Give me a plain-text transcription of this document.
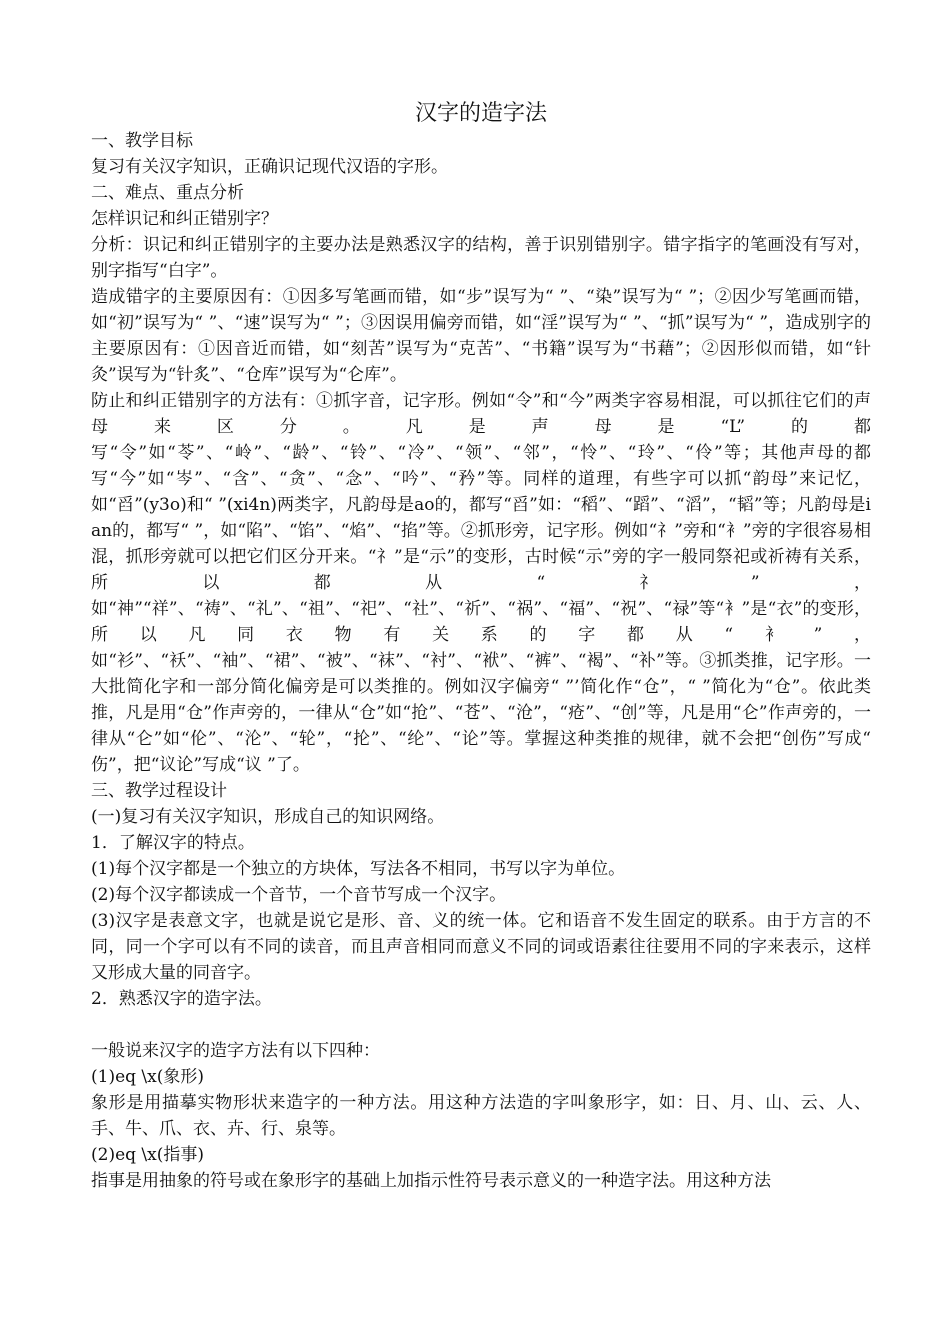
汉字的造字法

一、教学目标

复习有关汉字知识，正确识记现代汉语的字形。

二、难点、重点分析

怎样识记和纠正错别字？

分析：识记和纠正错别字的主要办法是熟悉汉字的结构，善于识别错别字。错字指字的笔画没有写对，别字指写“白字”。

造成错字的主要原因有：①因多写笔画而错，如“步”误写为“ ”、“染”误写为“ ”；②因少写笔画而错，如“初”误写为“ ”、“速”误写为“ ”；③因误用偏旁而错，如“淫”误写为“ ”、“抓”误写为“ ”，造成别字的主要原因有：①因音近而错，如“刻苦”误写为“克苦”、“书籍”误写为“书藉”；②因形似而错，如“针灸”误写为“针炙”、“仓库”误写为“仑库”。

防止和纠正错别字的方法有：①抓字音，记字形。例如“令”和“今”两类字容易相混，可以抓往它们的声母来区分。凡是声母是“L”的都写“令”如“苓”、“岭”、“龄”、“铃”、“冷”、“领”、“邻”，“怜”、“玲”、“伶”等；其他声母的都写“今”如“岑”、“含”、“贪”、“念”、“吟”、“矜”等。同样的道理，有些字可以抓“韵母”来记忆，如“舀”(y3o)和“ ”(xi4n)两类字，凡韵母是ao的，都写“舀”如：“稻”、“蹈”、“滔”，“韬”等；凡韵母是ian的，都写“ ”，如“陷”、“馅”、“焰”、“掐”等。②抓形旁，记字形。例如“礻”旁和“衤”旁的字很容易相混，抓形旁就可以把它们区分开来。“礻”是“示”的变形，古时候“示”旁的字一般同祭祀或祈祷有关系，所以都从“礻”，如“神”“祥”、“祷”、“礼”、“祖”、“祀”、“社”、“祈”、“祸”、“福”、“祝”、“禄”等“衤”是“衣”的变形，所以凡同衣物有关系的字都从“衤”，如“衫”、“袄”、“袖”、“裙”、“被”、“袜”、“衬”、“袱”、“裤”、“褐”、“补”等。③抓类推，记字形。一大批简化字和一部分简化偏旁是可以类推的。例如汉字偏旁“ ”’简化作“仓”，“ ”简化为“仓”。依此类推，凡是用“仓”作声旁的，一律从“仓”如“抢”、“苍”、“沧”，“疮”、“创”等，凡是用“仑”作声旁的，一律从“仑”如“伦”、“沦”、“轮”，“抡”、“纶”、“论”等。掌握这种类推的规律，就不会把“创伤”写成“ 伤”，把“议论”写成“议 ”了。

三、教学过程设计

(一)复习有关汉字知识，形成自己的知识网络。

1．了解汉字的特点。

(1)每个汉字都是一个独立的方块体，写法各不相同，书写以字为单位。

(2)每个汉字都读成一个音节，一个音节写成一个汉字。

(3)汉字是表意文字，也就是说它是形、音、义的统一体。它和语音不发生固定的联系。由于方言的不同，同一个字可以有不同的读音，而且声音相同而意义不同的词或语素往往要用不同的字来表示，这样又形成大量的同音字。

2．熟悉汉字的造字法。

一般说来汉字的造字方法有以下四种：

(1)eq \x(象形)

象形是用描摹实物形状来造字的一种方法。用这种方法造的字叫象形字，如：日、月、山、云、人、手、牛、爪、衣、卉、行、泉等。

(2)eq \x(指事)

指事是用抽象的符号或在象形字的基础上加指示性符号表示意义的一种造字法。用这种方法
